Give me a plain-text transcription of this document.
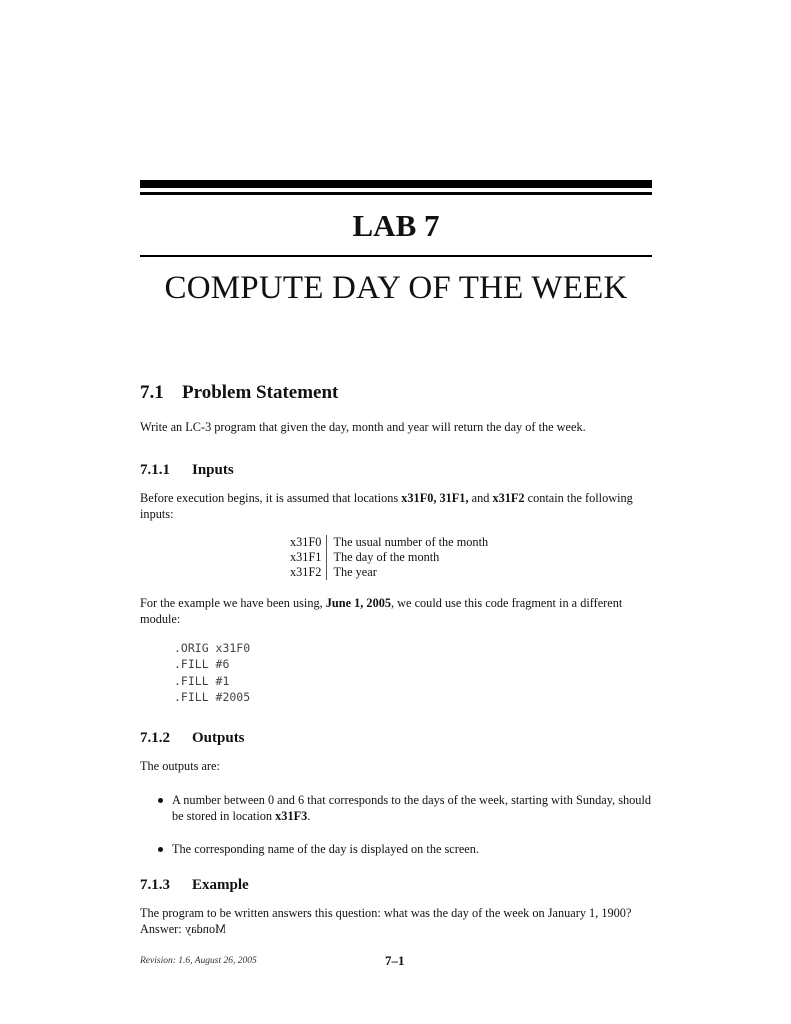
LAB 7
COMPUTE DAY OF THE WEEK
7.1 Problem Statement

Write an LC-3 program that given the day, month and year will return the day of the week.

7.1.1 Inputs

Before execution begins, it is assumed that locations x31F0, 31F1, and x31F2 contain the following inputs:

x31F0	The usual number of the month
x31F1	The day of the month
x31F2	The year

For the example we have been using, June 1, 2005, we could use this code fragment in a different module:

.ORIG x31F0
.FILL #6
.FILL #1
.FILL #2005
7.1.2 Outputs

The outputs are:

A number between 0 and 6 that corresponds to the days of the week, starting with Sunday, should be stored in location x31F3.
The corresponding name of the day is displayed on the screen.
7.1.3 Example

The program to be written answers this question: what was the day of the week on January 1, 1900?
Answer: Monday

Revision: 1.6, August 26, 2005	7–1
